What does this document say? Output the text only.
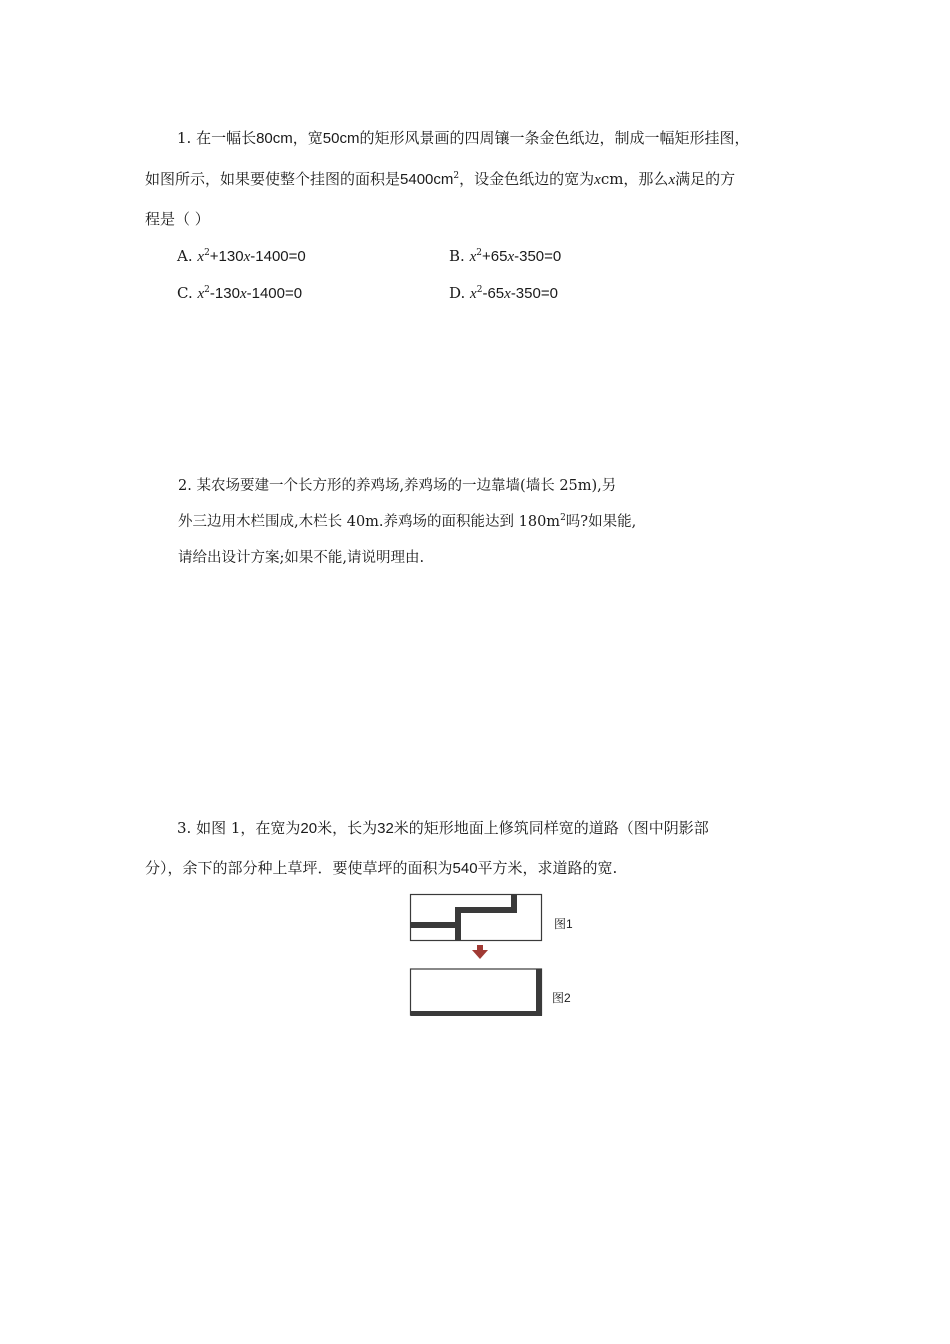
1. 在一幅长80cm，宽50cm的矩形风景画的四周镶一条金色纸边，制成一幅矩形挂图，
如图所示，如果要使整个挂图的面积是$5400cm^2$，设金色纸边的宽为xcm，那么x满足的方
程是（ ）
A. $x^2+130x-1400=0$	B. $x^2+65x-350=0$
C. $x^2-130x-1400=0$	D. $x^2-65x-350=0$
2. 某农场要建一个长方形的养鸡场,养鸡场的一边靠墙(墙长 25m),另
外三边用木栏围成,木栏长 40m.养鸡场的面积能达到 $180m^2$吗?如果能,
请给出设计方案;如果不能,请说明理由.
3. 如图 1，在宽为20米，长为32米的矩形地面上修筑同样宽的道路（图中阴影部
分），余下的部分种上草坪．要使草坪的面积为540平方米，求道路的宽.
图1
图2
